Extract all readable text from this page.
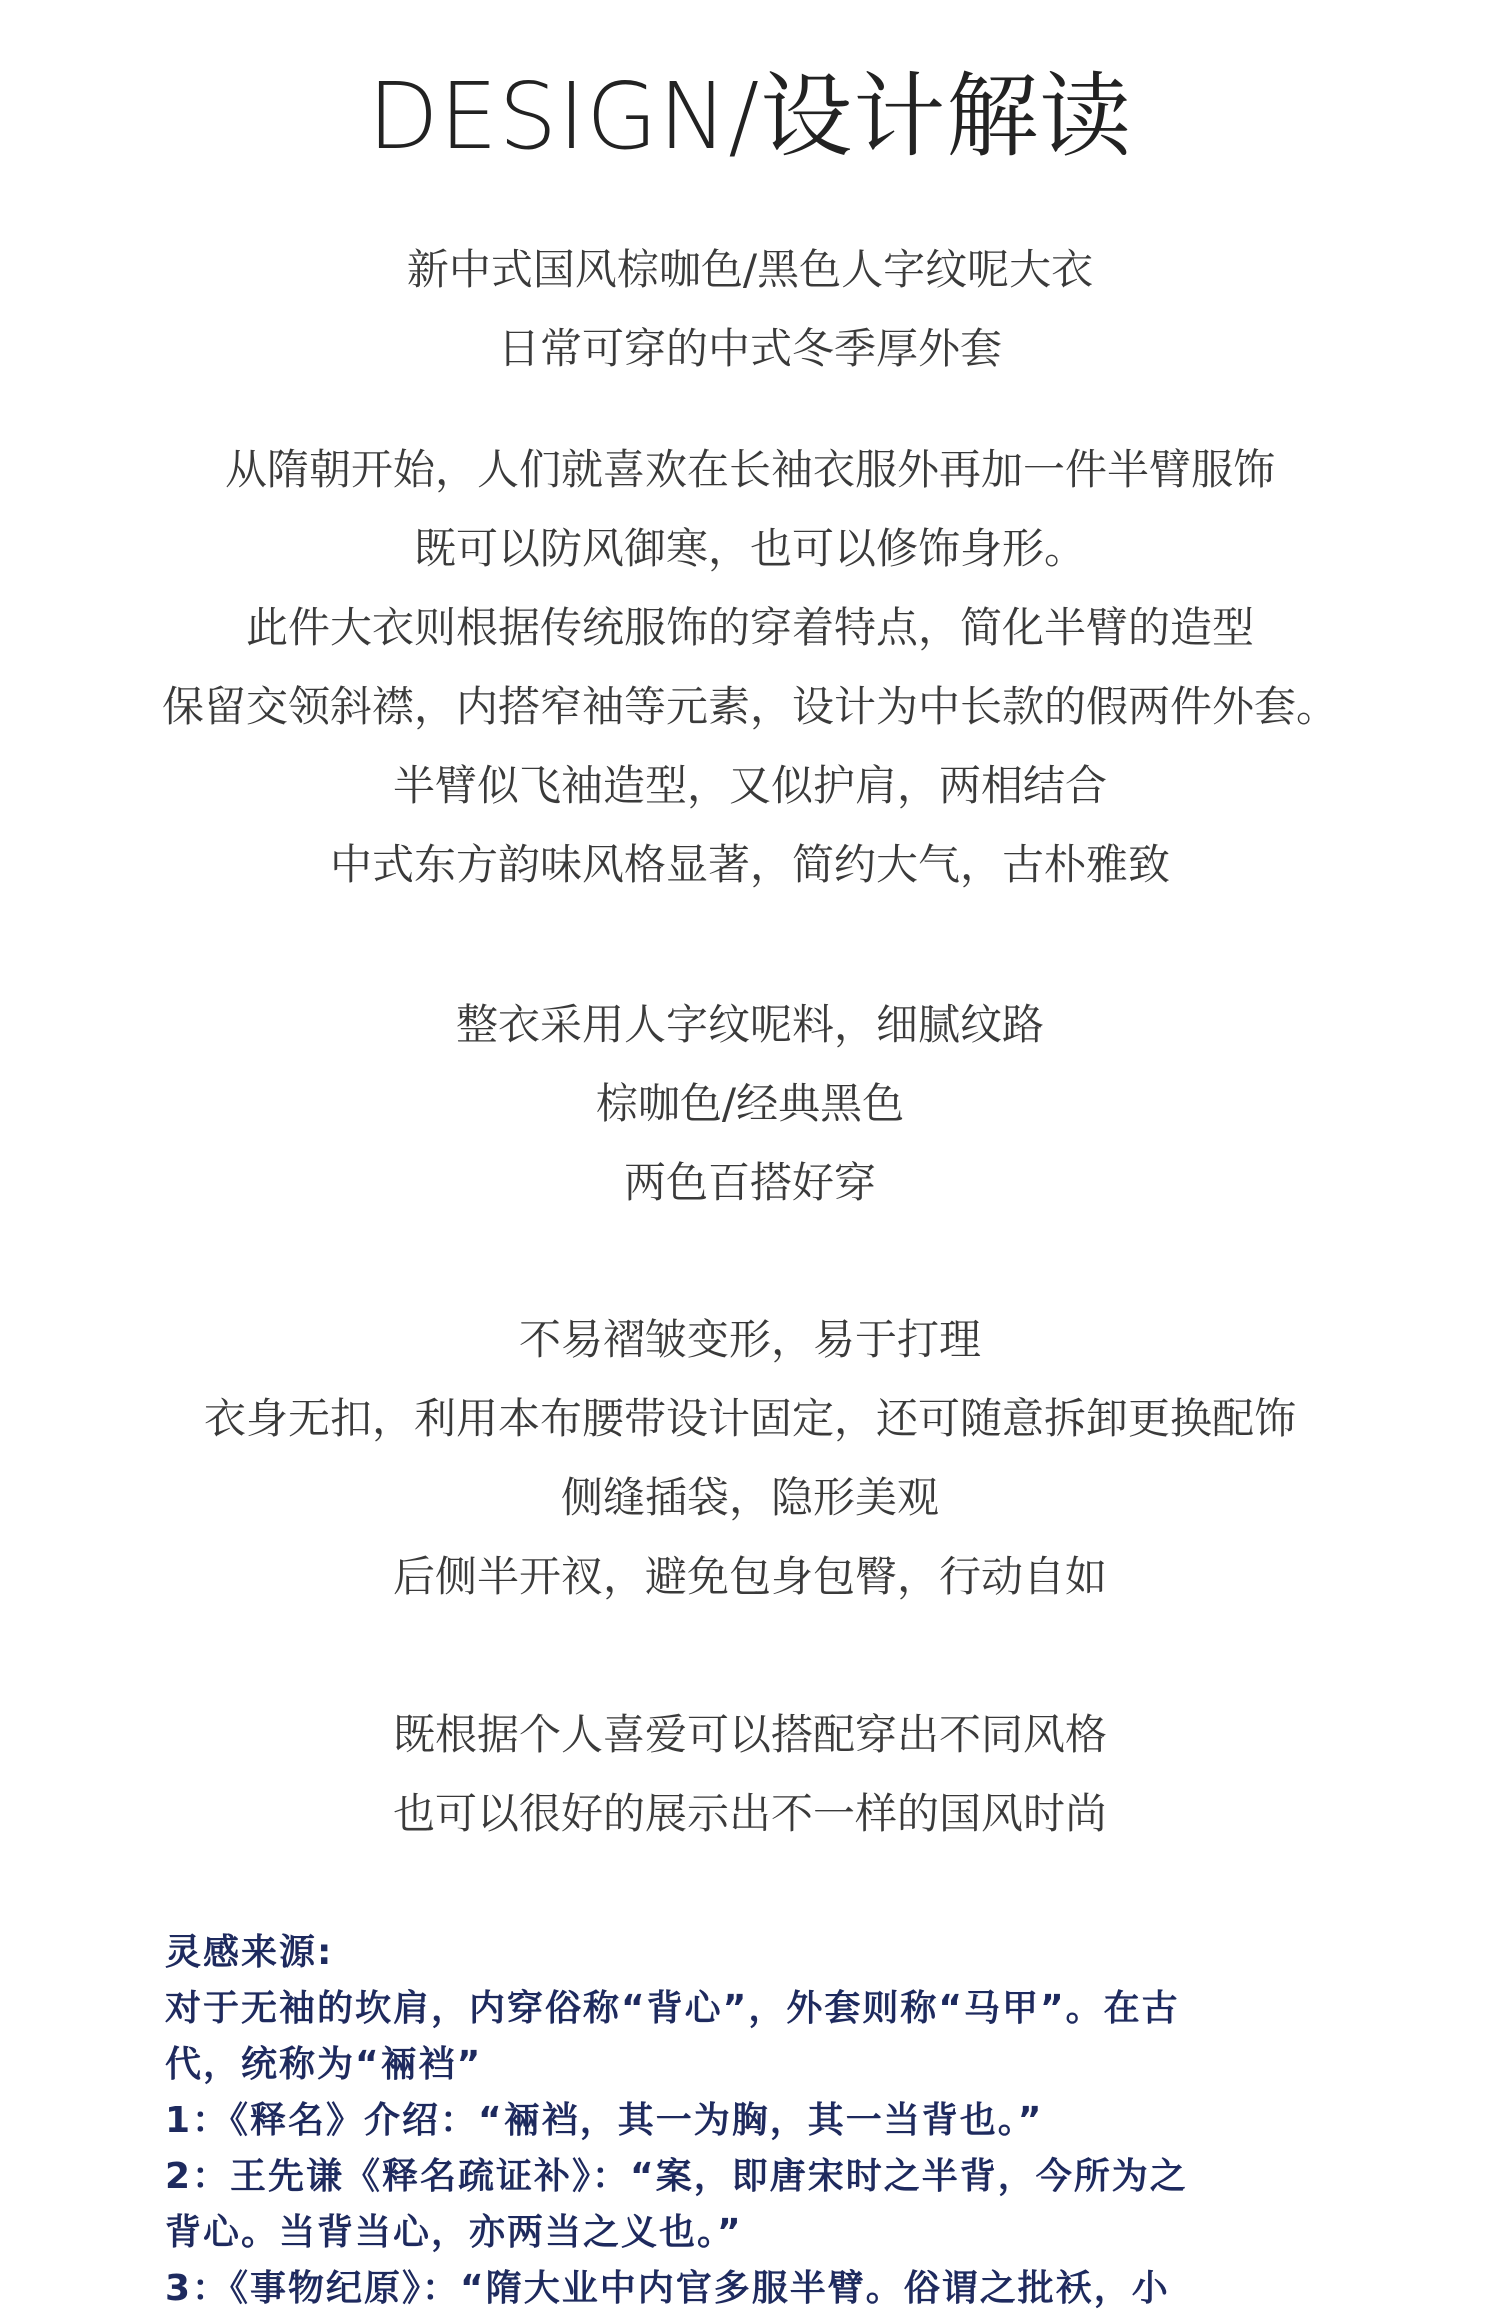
DESIGN/设计解读
新中式国风棕咖色/黑色人字纹呢大衣
日常可穿的中式冬季厚外套
从隋朝开始，人们就喜欢在长袖衣服外再加一件半臂服饰
既可以防风御寒，也可以修饰身形。
此件大衣则根据传统服饰的穿着特点，简化半臂的造型
保留交领斜襟，内搭窄袖等元素，设计为中长款的假两件外套。
半臂似飞袖造型，又似护肩，两相结合
中式东方韵味风格显著，简约大气，古朴雅致
整衣采用人字纹呢料，细腻纹路
棕咖色/经典黑色
两色百搭好穿
不易褶皱变形，易于打理
衣身无扣，利用本布腰带设计固定，还可随意拆卸更换配饰
侧缝插袋，隐形美观
后侧半开衩，避免包身包臀，行动自如
既根据个人喜爱可以搭配穿出不同风格
也可以很好的展示出不一样的国风时尚
灵感来源:
对于无袖的坎肩，内穿俗称“背心”，外套则称“马甲”。在古
代，统称为“裲裆”
1：《释名》介绍：“裲裆，其一为胸，其一当背也。”
2：王先谦《释名疏证补》：“案，即唐宋时之半背，今所为之
背心。当背当心，亦两当之义也。”
3：《事物纪原》：“隋大业中内官多服半臂。俗谓之批袄，小
